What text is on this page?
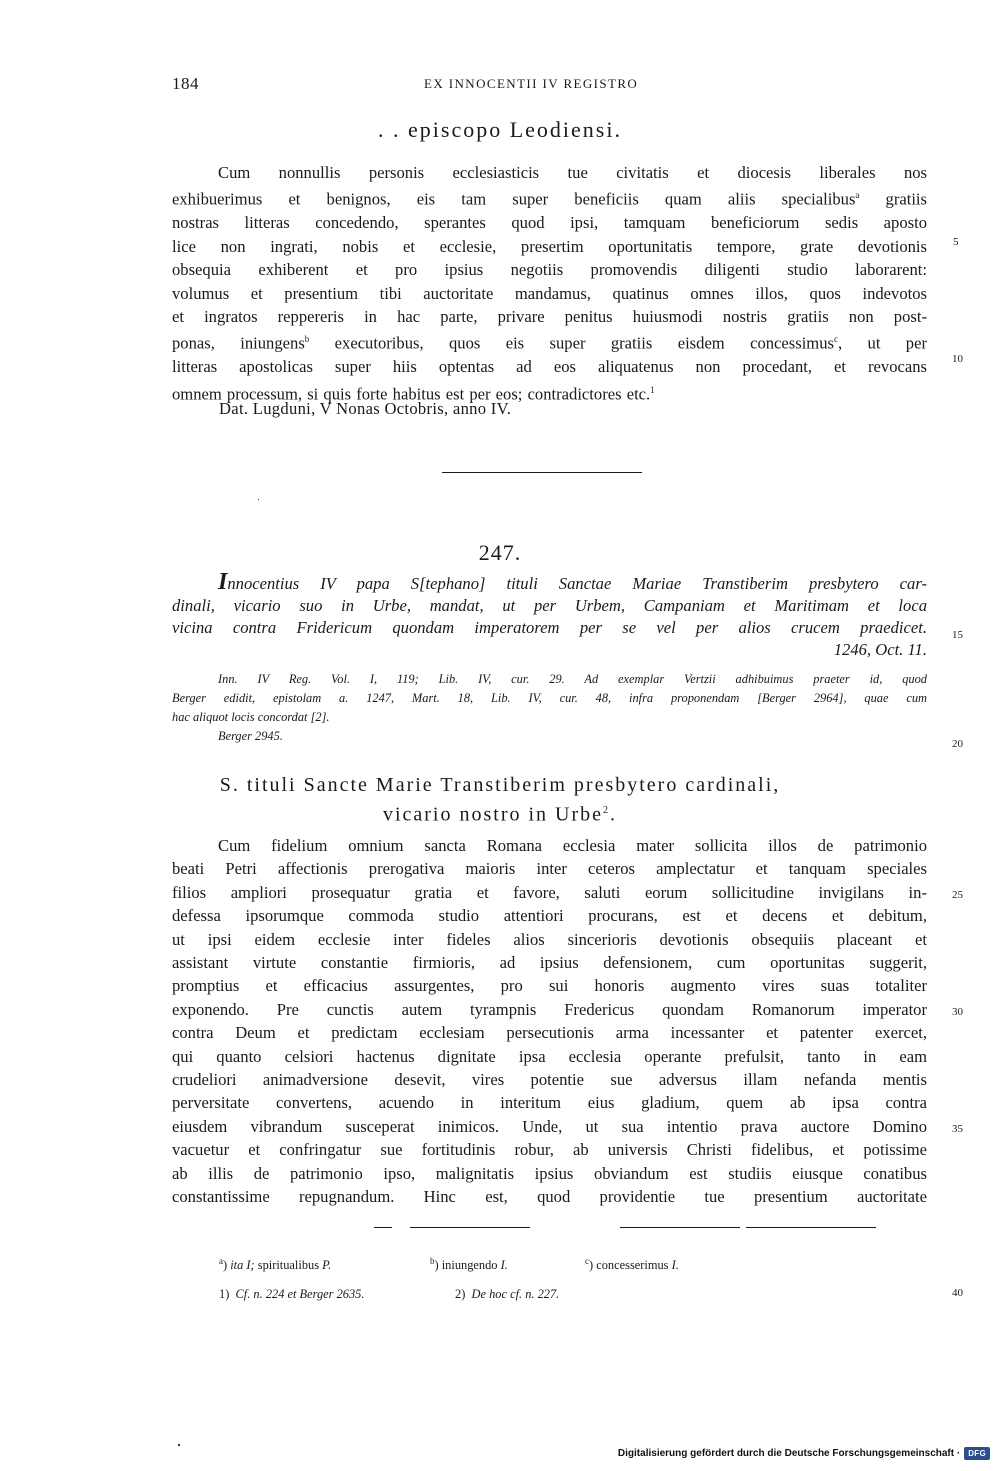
184	EX INNOCENTII IV REGISTRO
. . episcopo Leodiensi.
Cum nonnullis personis ecclesiasticis tue civitatis et diocesis liberales nos
exhibuerimus et benignos, eis tam super beneficiis quam aliis specialibus$^a$ gratiis
nostras litteras concedendo, sperantes quod ipsi, tamquam beneficiorum sedis aposto
lice non ingrati, nobis et ecclesie, presertim oportunitatis tempore, grate devotionis
obsequia exhiberent et pro ipsius negotiis promovendis diligenti studio laborarent:
volumus et presentium tibi auctoritate mandamus, quatinus omnes illos, quos indevotos
et ingratos reppereris in hac parte, privare penitus huiusmodi nostris gratiis non post-
ponas, iniungens$^b$ executoribus, quos eis super gratiis eisdem concessimus$^c$, ut per
litteras apostolicas super hiis optentas ad eos aliquatenus non procedant, et revocans
omnem processum, si quis forte habitus est per eos; contradictores etc.$^1$
Dat. Lugduni, V Nonas Octobris, anno IV.
247.
Innocentius IV papa S[tephano] tituli Sanctae Mariae Transtiberim presbytero car-
dinali, vicario suo in Urbe, mandat, ut per Urbem, Campaniam et Maritimam et loca
vicina contra Fridericum quondam imperatorem per se vel per alios crucem praedicet.
1246, Oct. 11.
Inn. IV Reg. Vol. I, 119; Lib. IV, cur. 29. Ad exemplar Vertzii adhibuimus praeter id, quod
Berger edidit, epistolam a. 1247, Mart. 18, Lib. IV, cur. 48, infra proponendam [Berger 2964], quae cum
hac aliquot locis concordat [2].
Berger 2945.
S. tituli Sancte Marie Transtiberim presbytero cardinali,
vicario nostro in Urbe$^2$.
Cum fidelium omnium sancta Romana ecclesia mater sollicita illos de patrimonio
beati Petri affectionis prerogativa maioris inter ceteros amplectatur et tanquam speciales
filios ampliori prosequatur gratia et favore, saluti eorum sollicitudine invigilans in-
defessa ipsorumque commoda studio attentiori procurans, est et decens et debitum,
ut ipsi eidem ecclesie inter fideles alios sincerioris devotionis obsequiis placeant et
assistant virtute constantie firmioris, ad ipsius defensionem, cum oportunitas suggerit,
promptius et efficacius assurgentes, pro sui honoris augmento vires suas totaliter
exponendo. Pre cunctis autem tyrampnis Fredericus quondam Romanorum imperator
contra Deum et predictam ecclesiam persecutionis arma incessanter et patenter exercet,
qui quanto celsiori hactenus dignitate ipsa ecclesia operante prefulsit, tanto in eam
crudeliori animadversione desevit, vires potentie sue adversus illam nefanda mentis
perversitate convertens, acuendo in interitum eius gladium, quem ab ipsa contra
eiusdem vibrandum susceperat inimicos. Unde, ut sua intentio prava auctore Domino
vacuetur et confringatur sue fortitudinis robur, ab universis Christi fidelibus, et potissime
ab illis de patrimonio ipso, malignitatis ipsius obviandum est studiis eiusque conatibus
constantissime repugnandum. Hinc est, quod providentie tue presentium auctoritate
5
10
15
20
25
30
35
40
$^a$) ita I; spiritualibus P.	$^b$) iniungendo I.	$^c$) concesserimus I.
1) Cf. n. 224 et Berger 2635.	2) De hoc cf. n. 227.
Digitalisierung gefördert durch die Deutsche Forschungsgemeinschaft ·	DFG
